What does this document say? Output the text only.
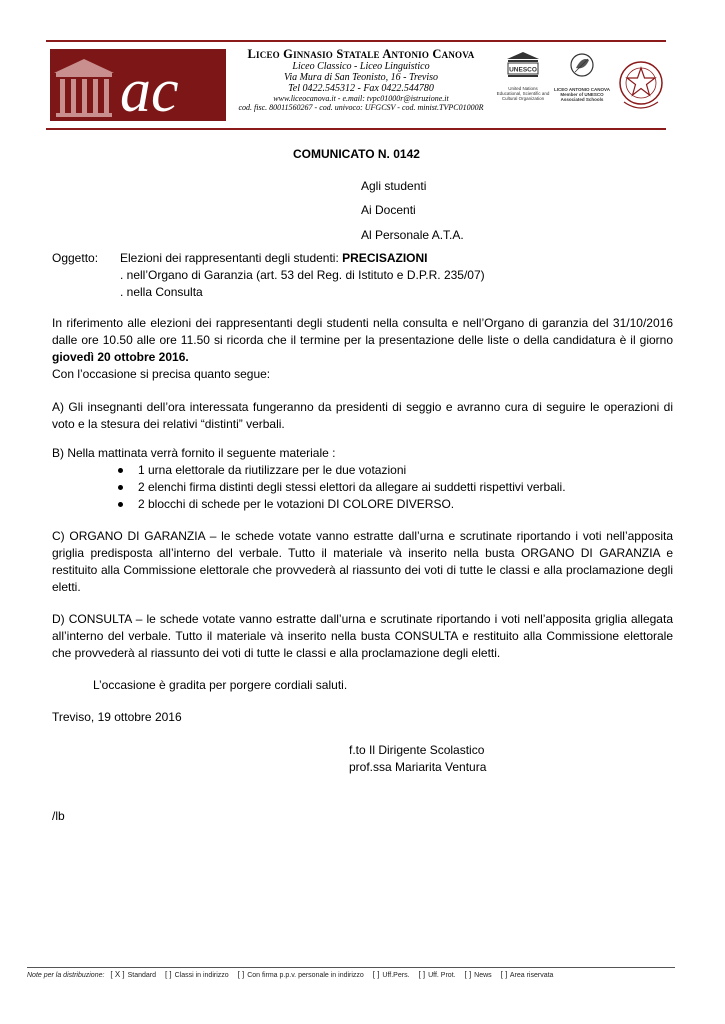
ac
Liceo Ginnasio Statale Antonio Canova
Liceo Classico - Liceo Linguistico
Via Mura di San Teonisto, 16 - Treviso
Tel 0422.545312 - Fax 0422.544780
www.liceocanova.it - e.mail: tvpc01000r@istruzione.it
cod. fisc. 80011560267 - cod. univoco: UFGCSV - cod. minist.TVPC01000R
UNESCO
United Nations Educational, Scientific and Cultural Organization
LICEO ANTONIO CANOVA Member of UNESCO Associated Schools
COMUNICATO N. 0142
Agli studenti
Ai Docenti
Al Personale A.T.A.
Oggetto: Elezioni dei rappresentanti degli studenti: PRECISAZIONI
. nell’Organo di Garanzia (art. 53 del Reg. di Istituto e D.P.R. 235/07)
. nella Consulta
In riferimento alle elezioni dei rappresentanti degli studenti nella consulta e nell’Organo di garanzia del 31/10/2016 dalle ore 10.50 alle ore 11.50 si ricorda che il termine per la presentazione delle liste o della candidatura è il giorno giovedì 20 ottobre 2016.
Con l’occasione si precisa quanto segue:
A) Gli insegnanti dell’ora interessata fungeranno da presidenti di seggio e avranno cura di seguire le operazioni di voto e la stesura dei relativi “distinti” verbali.
B) Nella mattinata verrà fornito il seguente materiale :
1 urna elettorale da riutilizzare per le due votazioni
2 elenchi firma distinti degli stessi elettori da allegare ai suddetti rispettivi verbali.
2 blocchi di schede per le votazioni DI COLORE DIVERSO.
C) ORGANO DI GARANZIA – le schede votate vanno estratte dall’urna e scrutinate riportando i voti nell’apposita griglia predisposta all’interno del verbale. Tutto il materiale và inserito nella busta ORGANO DI GARANZIA e restituito alla Commissione elettorale che provvederà al riassunto dei voti di tutte le classi e alla proclamazione degli eletti.
D) CONSULTA – le schede votate vanno estratte dall’urna e scrutinate riportando i voti nell’apposita griglia allegata all’interno del verbale. Tutto il materiale và inserito nella busta CONSULTA e restituito alla Commissione elettorale che provvederà al riassunto dei voti di tutte le classi e alla proclamazione degli eletti.
L’occasione è gradita per porgere cordiali saluti.
Treviso, 19 ottobre 2016
f.to Il Dirigente Scolastico
prof.ssa Mariarita Ventura
/lb
Note per la distribuzione: [ X ] Standard [ ] Classi in indirizzo [ ] Con firma p.p.v. personale in indirizzo [ ] Uff.Pers. [ ] Uff. Prot. [ ] News [ ] Area riservata
